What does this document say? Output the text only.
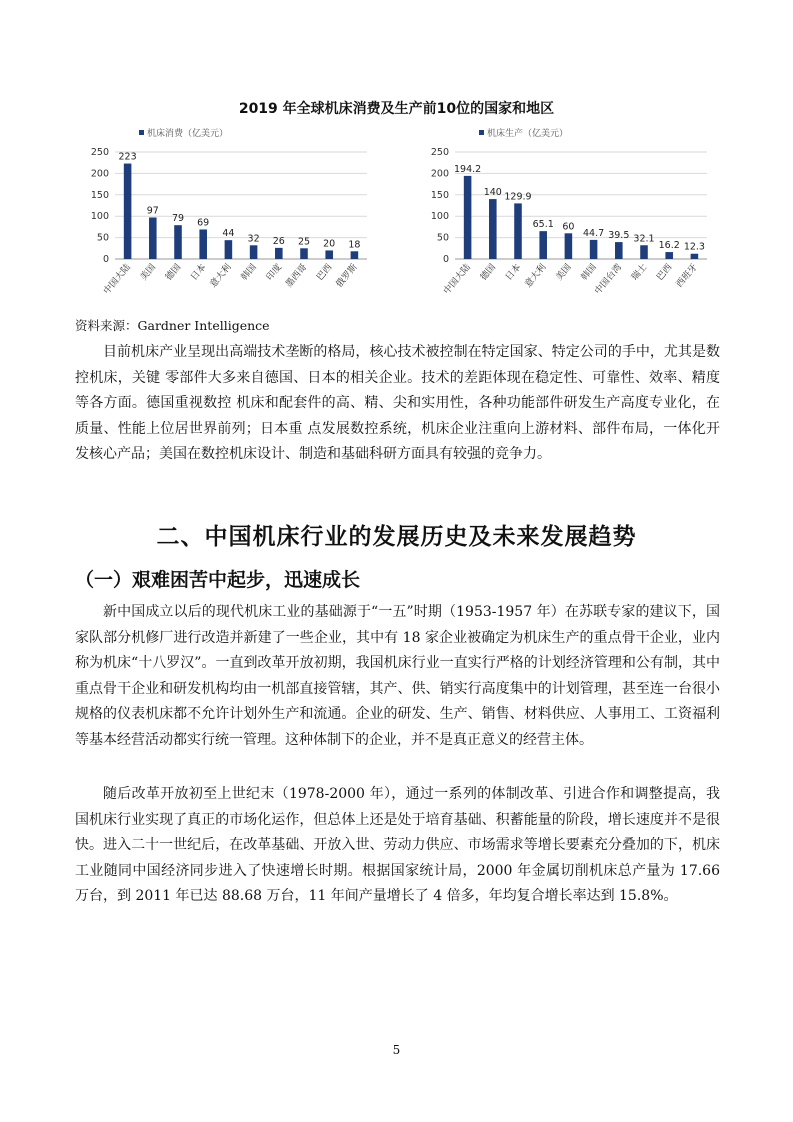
2019 年全球机床消费及生产前10位的国家和地区
机床消费（亿美元）
0
50
100
150
200
250 223
中国大陆
97
美国
79
德国
69
日本
44
意大利
32
韩国
26
印度
25
墨西哥
20
巴西
18
俄罗斯
机床生产（亿美元）
0
50
100
150
200
250
194.2
中国大陆
140
德国
129.9
日本
65.1
意大利
60
美国
44.7
韩国
39.5
中国台湾
32.1
瑞士
16.2
巴西
12.3
西班牙
资料来源：Gardner Intelligence

目前机床产业呈现出高端技术垄断的格局，核心技术被控制在特定国家、特定公司的手中，尤其是数控机床，关键 零部件大多来自德国、日本的相关企业。技术的差距体现在稳定性、可靠性、效率、精度等各方面。德国重视数控 机床和配套件的高、精、尖和实用性，各种功能部件研发生产高度专业化，在质量、性能上位居世界前列；日本重 点发展数控系统，机床企业注重向上游材料、部件布局，一体化开发核心产品；美国在数控机床设计、制造和基础科研方面具有较强的竞争力。

二、中国机床行业的发展历史及未来发展趋势
（一）艰难困苦中起步，迅速成长

新中国成立以后的现代机床工业的基础源于“一五”时期（1953-1957 年）在苏联专家的建议下，国家队部分机修厂进行改造并新建了一些企业，其中有 18 家企业被确定为机床生产的重点骨干企业，业内称为机床“十八罗汉”。一直到改革开放初期，我国机床行业一直实行严格的计划经济管理和公有制，其中重点骨干企业和研发机构均由一机部直接管辖，其产、供、销实行高度集中的计划管理，甚至连一台很小规格的仪表机床都不允许计划外生产和流通。企业的研发、生产、销售、材料供应、人事用工、工资福利等基本经营活动都实行统一管理。这种体制下的企业，并不是真正意义的经营主体。

随后改革开放初至上世纪末（1978-2000 年），通过一系列的体制改革、引进合作和调整提高，我国机床行业实现了真正的市场化运作，但总体上还是处于培育基础、积蓄能量的阶段，增长速度并不是很快。进入二十一世纪后，在改革基础、开放入世、劳动力供应、市场需求等增长要素充分叠加的下，机床工业随同中国经济同步进入了快速增长时期。根据国家统计局，2000 年金属切削机床总产量为 17.66 万台，到 2011 年已达 88.68 万台，11 年间产量增长了 4 倍多，年均复合增长率达到 15.8%。

5
